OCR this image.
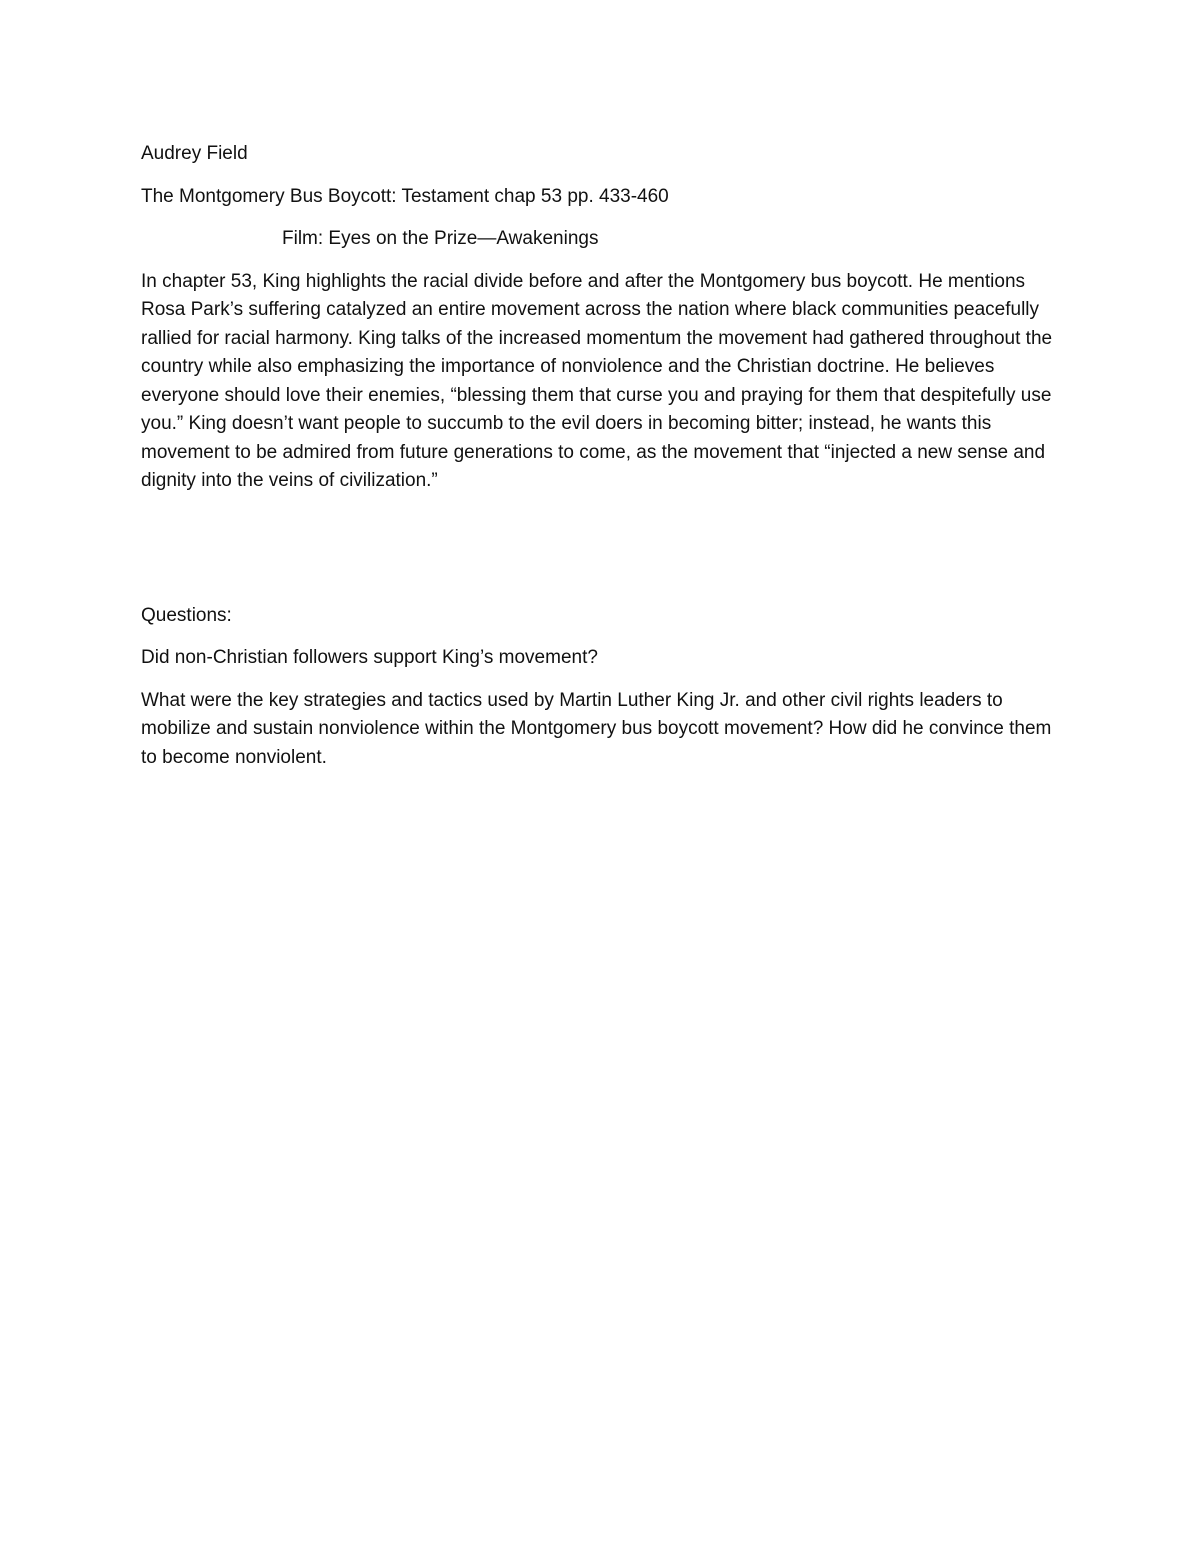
Audrey Field

The Montgomery Bus Boycott: Testament chap 53 pp. 433-460

Film: Eyes on the Prize—Awakenings

In chapter 53, King highlights the racial divide before and after the Montgomery bus boycott. He mentions Rosa Park’s suffering catalyzed an entire movement across the nation where black communities peacefully rallied for racial harmony. King talks of the increased momentum the movement had gathered throughout the country while also emphasizing the importance of nonviolence and the Christian doctrine. He believes everyone should love their enemies, “blessing them that curse you and praying for them that despitefully use you.” King doesn’t want people to succumb to the evil doers in becoming bitter; instead, he wants this movement to be admired from future generations to come, as the movement that “injected a new sense and dignity into the veins of civilization.”

Questions:

Did non-Christian followers support King’s movement?

What were the key strategies and tactics used by Martin Luther King Jr. and other civil rights leaders to mobilize and sustain nonviolence within the Montgomery bus boycott movement? How did he convince them to become nonviolent.
